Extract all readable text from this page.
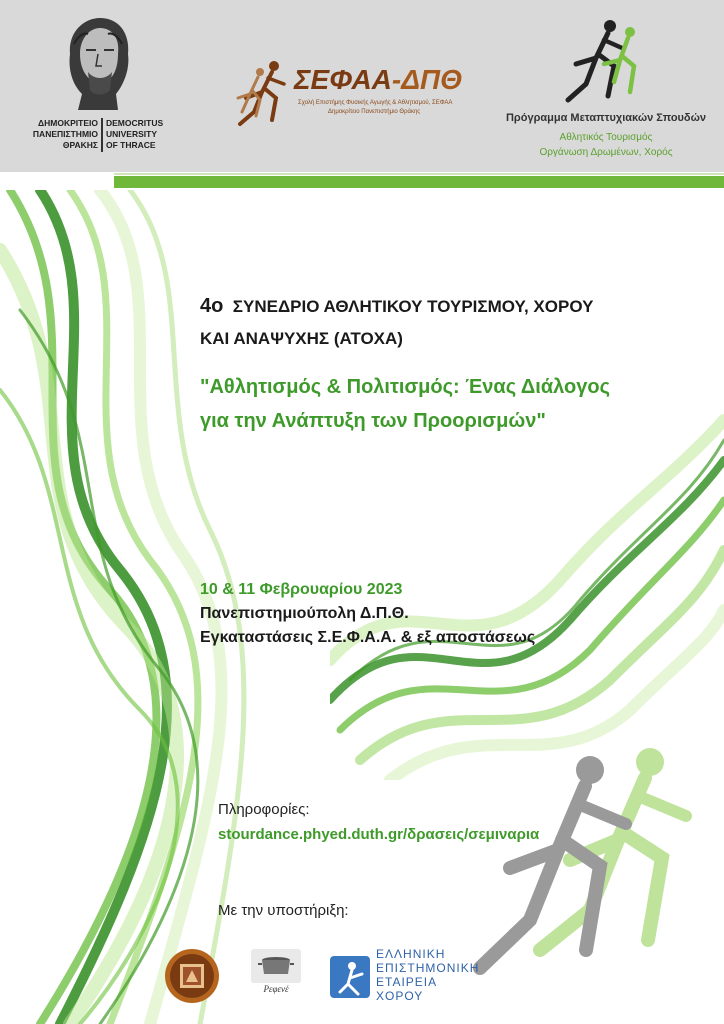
ΔΗΜΟΚΡΙΤΕΙΟ
ΠΑΝΕΠΙΣΤΗΜΙΟ
ΘΡΑΚΗΣ
DEMOCRITUS
UNIVERSITY
OF THRACE
ΣΕΦΑΑ-ΔΠΘ
Σχολή Επιστήμης Φυσικής Αγωγής & Αθλητισμού, ΣΕΦΑΑ
Δημοκρίτειο Πανεπιστήμιο Θράκης	Πρόγραμμα Μεταπτυχιακών Σπουδών
Αθλητικός Τουρισμός
Οργάνωση Δρωμένων, Χορός
4ο ΣΥΝΕΔΡΙΟ ΑΘΛΗΤΙΚΟΥ ΤΟΥΡΙΣΜΟΥ, ΧΟΡΟΥ
ΚΑΙ ΑΝΑΨΥΧΗΣ (ΑΤΟΧΑ)
"Αθλητισμός & Πολιτισμός: Ένας Διάλογος
για την Ανάπτυξη των Προορισμών"
10 & 11 Φεβρουαρίου 2023
Πανεπιστημιούπολη Δ.Π.Θ.
Εγκαταστάσεις Σ.Ε.Φ.Α.Α. & εξ αποστάσεως
Πληροφορίες:
stourdance.phyed.duth.gr/δρασεις/σεμιναρια
Με την υποστήριξη:
Ρεφενέ
ΕΛΛΗΝΙΚΗ
ΕΠΙΣΤΗΜΟΝΙΚΗ
ΕΤΑΙΡΕΙΑ
ΧΟΡΟΥ
